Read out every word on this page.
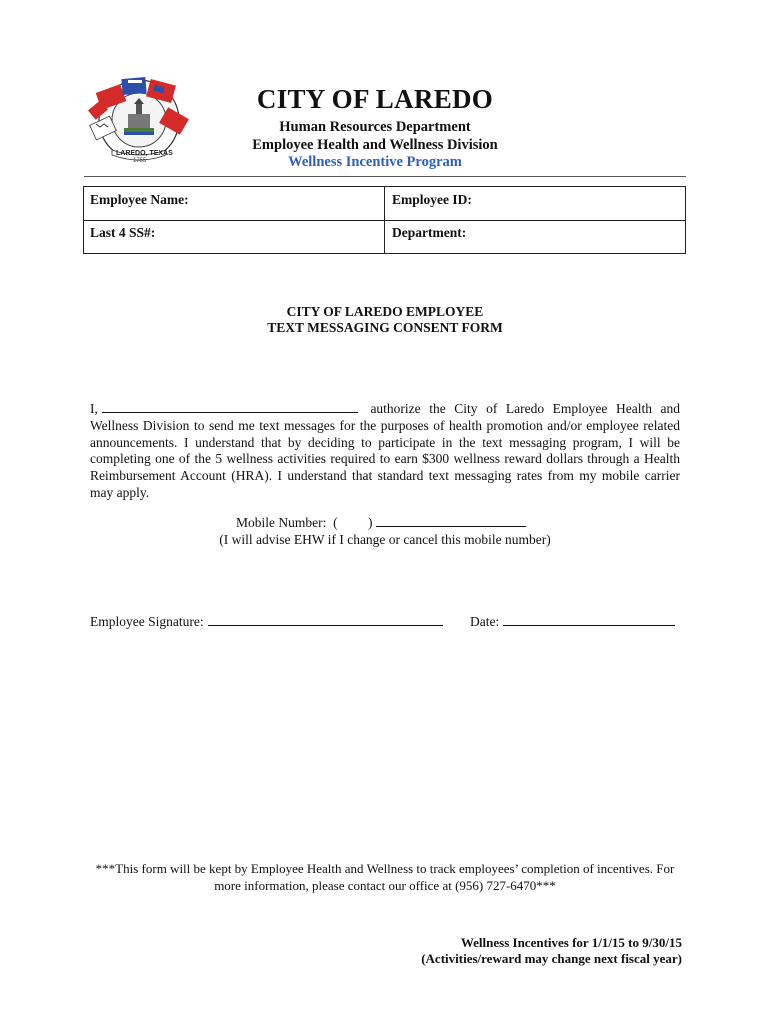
LAREDO, TEXAS
1755
CITY OF LAREDO
Human Resources Department
Employee Health and Wellness Division
Wellness Incentive Program
Employee Name:	Employee ID:
Last 4 SS#:	Department:
CITY OF LAREDO EMPLOYEE
TEXT MESSAGING CONSENT FORM
I,	authorize the City of Laredo Employee Health and Wellness Division to send me text messages for the purposes of health promotion and/or employee related announcements. I understand that by deciding to participate in the text messaging program, I will be completing one of the 5 wellness activities required to earn $300 wellness reward dollars through a Health Reimbursement Account (HRA). I understand that standard text messaging rates from my mobile carrier may apply.
Mobile Number:  (         )
(I will advise EHW if I change or cancel this mobile number)
Employee Signature:	Date:
***This form will be kept by Employee Health and Wellness to track employees’ completion of incentives. For more information, please contact our office at (956) 727-6470***
Wellness Incentives for 1/1/15 to 9/30/15
(Activities/reward may change next fiscal year)
